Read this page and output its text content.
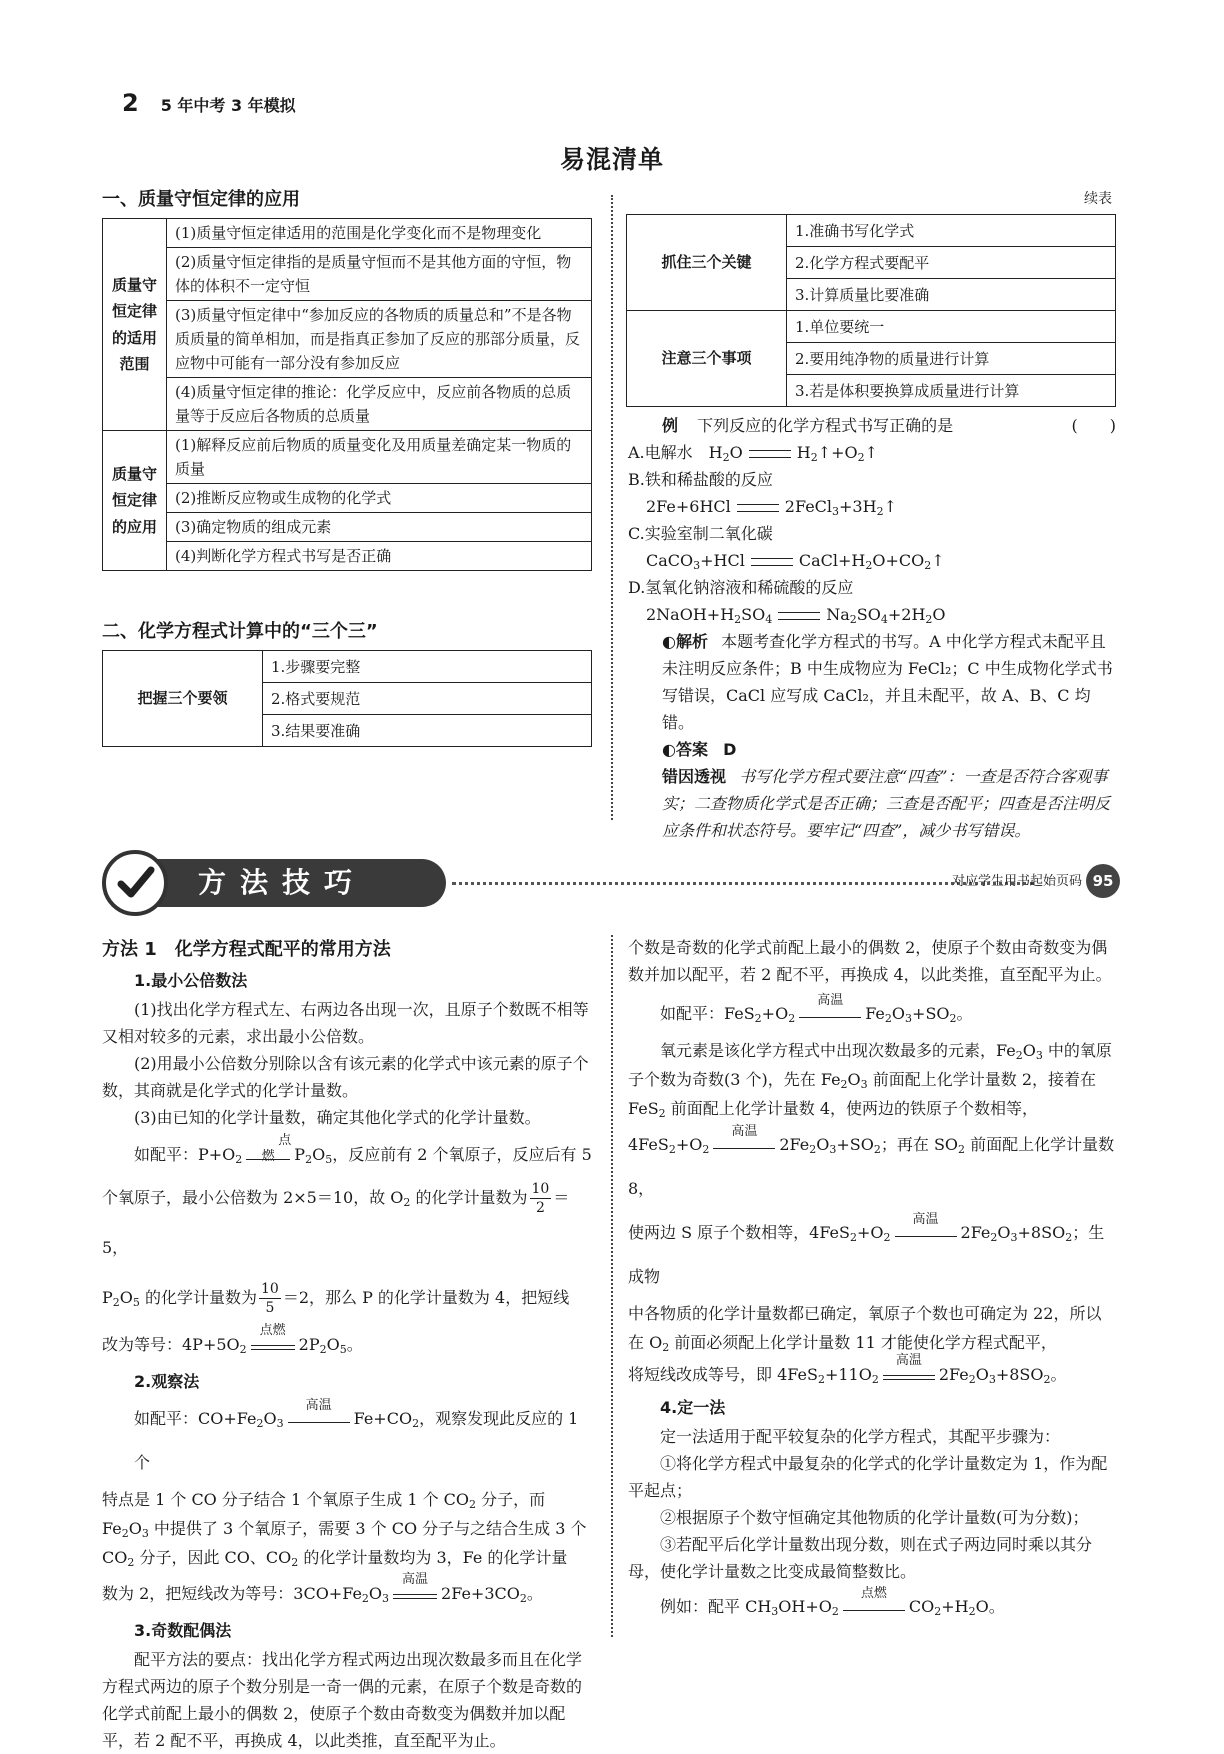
2 5 年中考 3 年模拟
易混清单
一、质量守恒定律的应用
质量守恒定律的适用范围	(1)质量守恒定律适用的范围是化学变化而不是物理变化
	(2)质量守恒定律指的是质量守恒而不是其他方面的守恒，物体的体积不一定守恒
	(3)质量守恒定律中“参加反应的各物质的质量总和”不是各物质质量的简单相加，而是指真正参加了反应的那部分质量，反应物中可能有一部分没有参加反应
	(4)质量守恒定律的推论：化学反应中，反应前各物质的总质量等于反应后各物质的总质量
质量守恒定律的应用	(1)解释反应前后物质的质量变化及用质量差确定某一物质的质量
	(2)推断反应物或生成物的化学式
	(3)确定物质的组成元素
	(4)判断化学方程式书写是否正确
二、化学方程式计算中的“三个三”
把握三个要领	1.步骤要完整
2.格式要规范
3.结果要准确
续表
抓住三个关键	1.准确书写化学式
	2.化学方程式要配平
	3.计算质量比要准确
注意三个事项	1.单位要统一
	2.要用纯净物的质量进行计算
	3.若是体积要换算成质量进行计算
例 下列反应的化学方程式书写正确的是	(　　)
A.电解水　$H_2O$	$H_2↑+O_2↑$
B.铁和稀盐酸的反应
2Fe+6HCl	$2FeCl_3+3H_2↑$
C.实验室制二氧化碳
CaCO$_3$+HCl	$CaCl+H_2O+CO_2↑$
D.氢氧化钠溶液和稀硫酸的反应
$2NaOH+H_2SO_4$	$Na_2SO_4+2H_2O$
◐解析 本题考查化学方程式的书写。A 中化学方程式未配平且未注明反应条件；B 中生成物应为 FeCl₂；C 中生成物化学式书写错误，CaCl 应写成 CaCl₂，并且未配平，故 A、B、C 均错。
◐答案 D
错因透视 书写化学方程式要注意“四查”：一查是否符合客观事实；二查物质化学式是否正确；三查是否配平；四查是否注明反应条件和状态符号。要牢记“四查”，减少书写错误。
方法技巧	对应学生用书起始页码 95
方法 1　化学方程式配平的常用方法
1.最小公倍数法
(1)找出化学方程式左、右两边各出现一次，且原子个数既不相等又相对较多的元素，求出最小公倍数。
(2)用最小公倍数分别除以含有该元素的化学式中该元素的原子个数，其商就是化学式的化学计量数。
(3)由已知的化学计量数，确定其他化学式的化学计量数。
如配平：$P+O_2$
点燃	$P_2O_5$，反应前有 2 个氧原子，反应后有 5
个氧原子，最小公倍数为 2×5＝10，故 $O_2$ 的化学计量数为 $\frac{10}{2} =5$，
$P_2O_5$ 的化学计量数为 $\frac{10}{5} =2$，那么 P 的化学计量数为 4，把短线
改为等号：$4P+5O_2$
点燃
$2P_2O_5$。
2.观察法
如配平：$CO+Fe_2O_3$
高温
$Fe+CO_2$，观察发现此反应的 1 个
特点是 1 个 CO 分子结合 1 个氧原子生成 1 个 $CO_2$ 分子，而 $Fe_2O_3$ 中提供了 3 个氧原子，需要 3 个 CO 分子与之结合生成 3 个 $CO_2$ 分子，因此 CO、$CO_2$ 的化学计量数均为 3，Fe 的化学计量
数为 2，把短线改为等号：$3CO+Fe_2O_3$
高温
$2Fe+3CO_2$。
3.奇数配偶法
配平方法的要点：找出化学方程式两边出现次数最多而且在化学方程式两边的原子个数分别是一奇一偶的元素，在原子个数是奇数的化学式前配上最小的偶数 2，使原子个数由奇数变为偶数并加以配平，若 2 配不平，再换成 4，以此类推，直至配平为止。
个数是奇数的化学式前配上最小的偶数 2，使原子个数由奇数变为偶数并加以配平，若 2 配不平，再换成 4，以此类推，直至配平为止。
如配平：$FeS_2+O_2$
高温
$Fe_2O_3+SO_2$。
氧元素是该化学方程式中出现次数最多的元素，$Fe_2O_3$ 中的氧原子个数为奇数(3 个)，先在 $Fe_2O_3$ 前面配上化学计量数 2，接着在 FeS$_2$ 前面配上化学计量数 4，使两边的铁原子个数相等，
$4FeS_2+O_2$
高温
$2Fe_2O_3+SO_2$；再在 $SO_2$ 前面配上化学计量数 8，
使两边 S 原子个数相等，$4FeS_2+O_2$
高温
$2Fe_2O_3+8SO_2$；生成物
中各物质的化学计量数都已确定，氧原子个数也可确定为 22，所以在 $O_2$ 前面必须配上化学计量数 11 才能使化学方程式配平，
将短线改成等号，即 $4FeS_2+11O_2$
高温
$2Fe_2O_3+8SO_2$。
4.定一法
定一法适用于配平较复杂的化学方程式，其配平步骤为：
①将化学方程式中最复杂的化学式的化学计量数定为 1，作为配平起点；
②根据原子个数守恒确定其他物质的化学计量数(可为分数)；
③若配平后化学计量数出现分数，则在式子两边同时乘以其分母，使化学计量数之比变成最简整数比。
例如：配平 $CH_3OH+O_2$
点燃
$CO_2+H_2O$。
